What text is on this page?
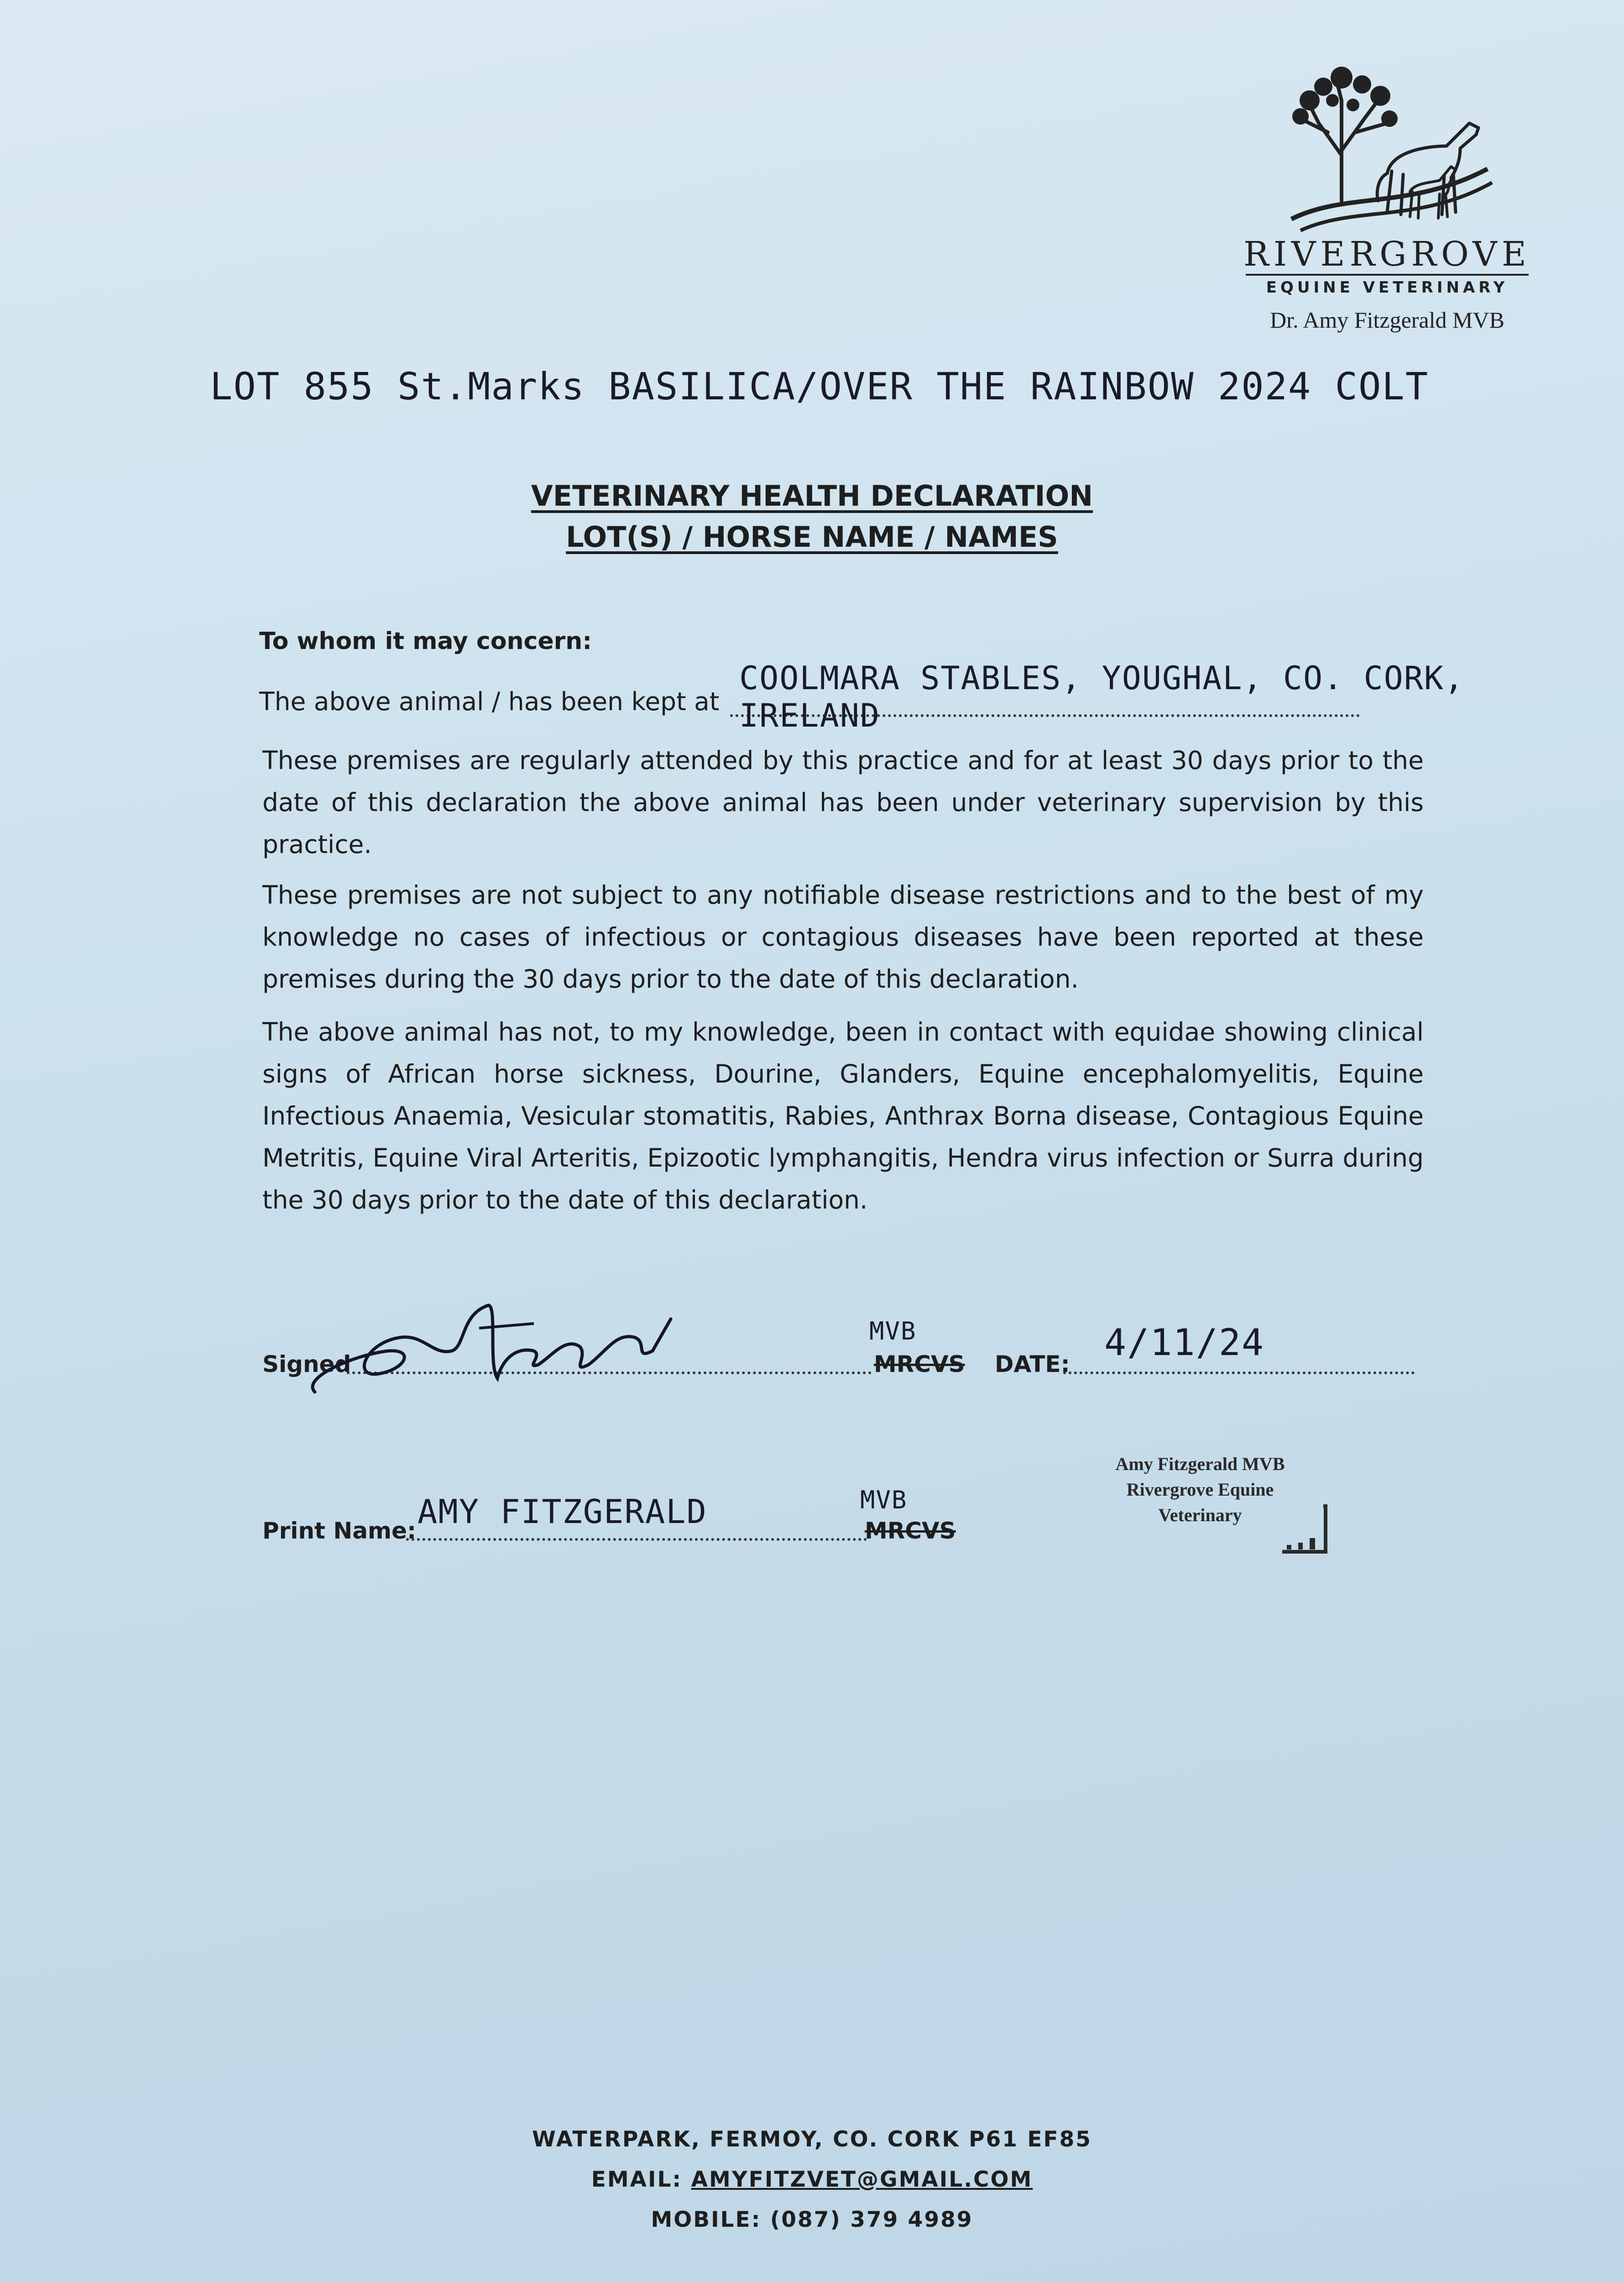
RIVERGROVE
EQUINE VETERINARY
Dr. Amy Fitzgerald MVB
LOT 855 St.Marks BASILICA/OVER THE RAINBOW 2024 COLT
VETERINARY HEALTH DECLARATION
LOT(S) / HORSE NAME / NAMES
To whom it may concern:
The above animal / has been kept at
COOLMARA STABLES, YOUGHAL, CO. CORK, IRELAND
These premises are regularly attended by this practice and for at least 30 days prior to the date of this declaration the above animal has been under veterinary supervision by this practice.
These premises are not subject to any notifiable disease restrictions and to the best of my knowledge no cases of infectious or contagious diseases have been reported at these premises during the 30 days prior to the date of this declaration.
The above animal has not, to my knowledge, been in contact with equidae showing clinical signs of African horse sickness, Dourine, Glanders, Equine encephalomyelitis, Equine Infectious Anaemia, Vesicular stomatitis, Rabies, Anthrax Borna disease, Contagious Equine Metritis, Equine Viral Arteritis, Epizootic lymphangitis, Hendra virus infection or Surra during the 30 days prior to the date of this declaration.
Signed
MVB
MRCVS DATE:
4/11/24
Print Name: AMY FITZGERALD	MVB
MRCVS
Amy Fitzgerald MVB
Rivergrove Equine
Veterinary
WATERPARK, FERMOY, CO. CORK P61 EF85
EMAIL: AMYFITZVET@GMAIL.COM
MOBILE: (087) 379 4989
